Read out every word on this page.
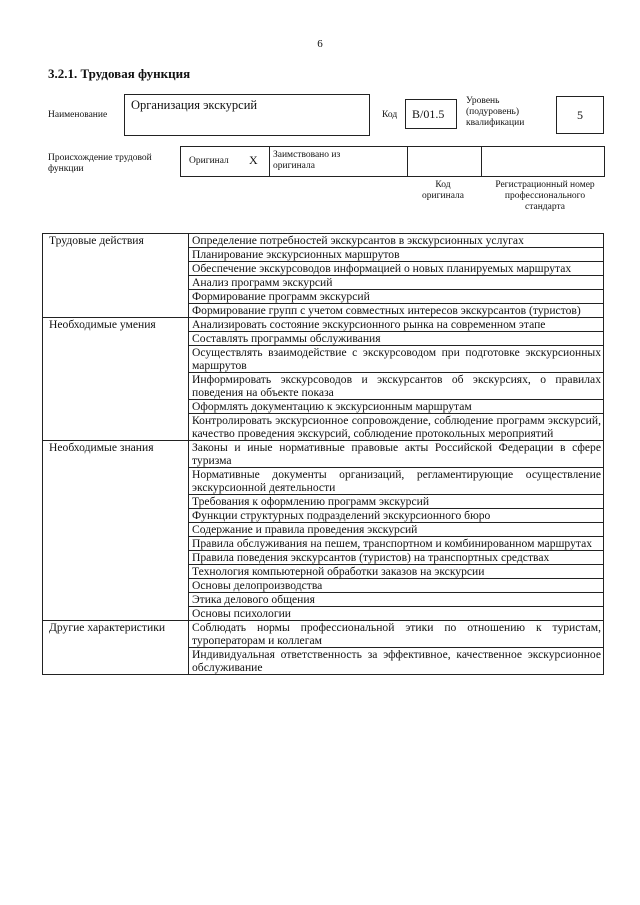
6
3.2.1. Трудовая функция
Наименование
Организация экскурсий
Код B/01.5
Уровень
(подуровень)
квалификации
5
Происхождение трудовой
функции
Оригинал X Заимствовано из
оригинала
Код
оригинала
Регистрационный номер
профессионального
стандарта
Трудовые действия	Определение потребностей экскурсантов в экскурсионных услугах
	Планирование экскурсионных маршрутов
	Обеспечение экскурсоводов информацией о новых планируемых маршрутах
	Анализ программ экскурсий
	Формирование программ экскурсий
	Формирование групп с учетом совместных интересов экскурсантов (туристов)
Необходимые умения	Анализировать состояние экскурсионного рынка на современном этапе
	Составлять программы обслуживания
	Осуществлять взаимодействие с экскурсоводом при подготовке экскурсионных маршрутов
	Информировать экскурсоводов и экскурсантов об экскурсиях, о правилах поведения на объекте показа
	Оформлять документацию к экскурсионным маршрутам
	Контролировать экскурсионное сопровождение, соблюдение программ экскурсий, качество проведения экскурсий, соблюдение протокольных мероприятий
Необходимые знания	Законы и иные нормативные правовые акты Российской Федерации в сфере туризма
	Нормативные документы организаций, регламентирующие осуществление экскурсионной деятельности
	Требования к оформлению программ экскурсий
	Функции структурных подразделений экскурсионного бюро
	Содержание и правила проведения экскурсий
	Правила обслуживания на пешем, транспортном и комбинированном маршрутах
	Правила поведения экскурсантов (туристов) на транспортных средствах
	Технология компьютерной обработки заказов на экскурсии
	Основы делопроизводства
	Этика делового общения
	Основы психологии
Другие характеристики	Соблюдать нормы профессиональной этики по отношению к туристам, туроператорам и коллегам
	Индивидуальная ответственность за эффективное, качественное экскурсионное обслуживание
